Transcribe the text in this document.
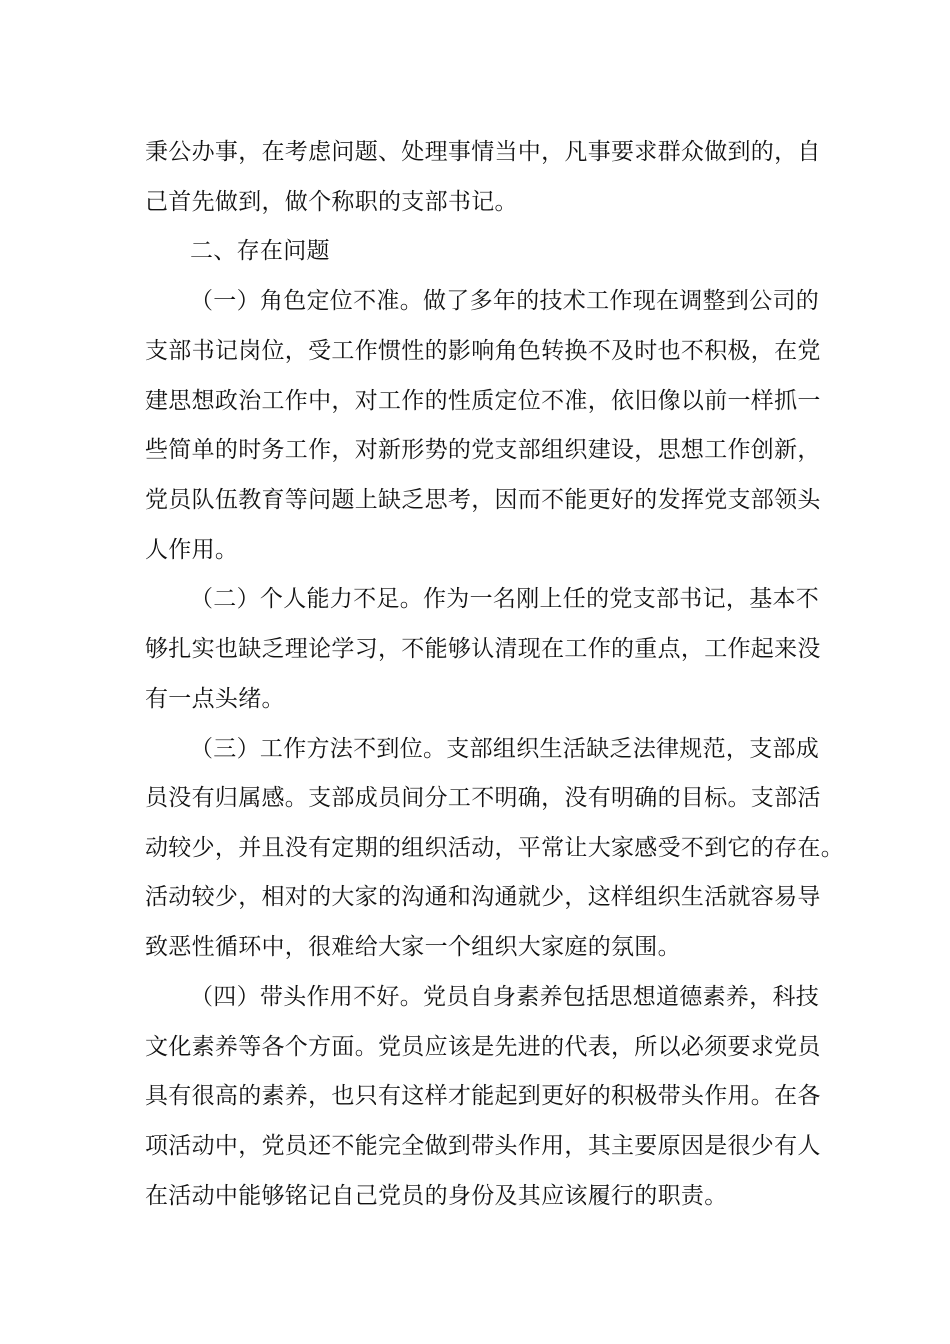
秉公办事，在考虑问题、处理事情当中，凡事要求群众做到的，自
己首先做到，做个称职的支部书记。
二、存在问题
（一）角色定位不准。做了多年的技术工作现在调整到公司的
支部书记岗位，受工作惯性的影响角色转换不及时也不积极，在党
建思想政治工作中，对工作的性质定位不准，依旧像以前一样抓一
些简单的时务工作，对新形势的党支部组织建设，思想工作创新，
党员队伍教育等问题上缺乏思考，因而不能更好的发挥党支部领头
人作用。
（二）个人能力不足。作为一名刚上任的党支部书记，基本不
够扎实也缺乏理论学习，不能够认清现在工作的重点，工作起来没
有一点头绪。
（三）工作方法不到位。支部组织生活缺乏法律规范，支部成
员没有归属感。支部成员间分工不明确，没有明确的目标。支部活
动较少，并且没有定期的组织活动，平常让大家感受不到它的存在。
活动较少，相对的大家的沟通和沟通就少，这样组织生活就容易导
致恶性循环中，很难给大家一个组织大家庭的氛围。
（四）带头作用不好。党员自身素养包括思想道德素养，科技
文化素养等各个方面。党员应该是先进的代表，所以必须要求党员
具有很高的素养，也只有这样才能起到更好的积极带头作用。在各
项活动中，党员还不能完全做到带头作用，其主要原因是很少有人
在活动中能够铭记自己党员的身份及其应该履行的职责。
